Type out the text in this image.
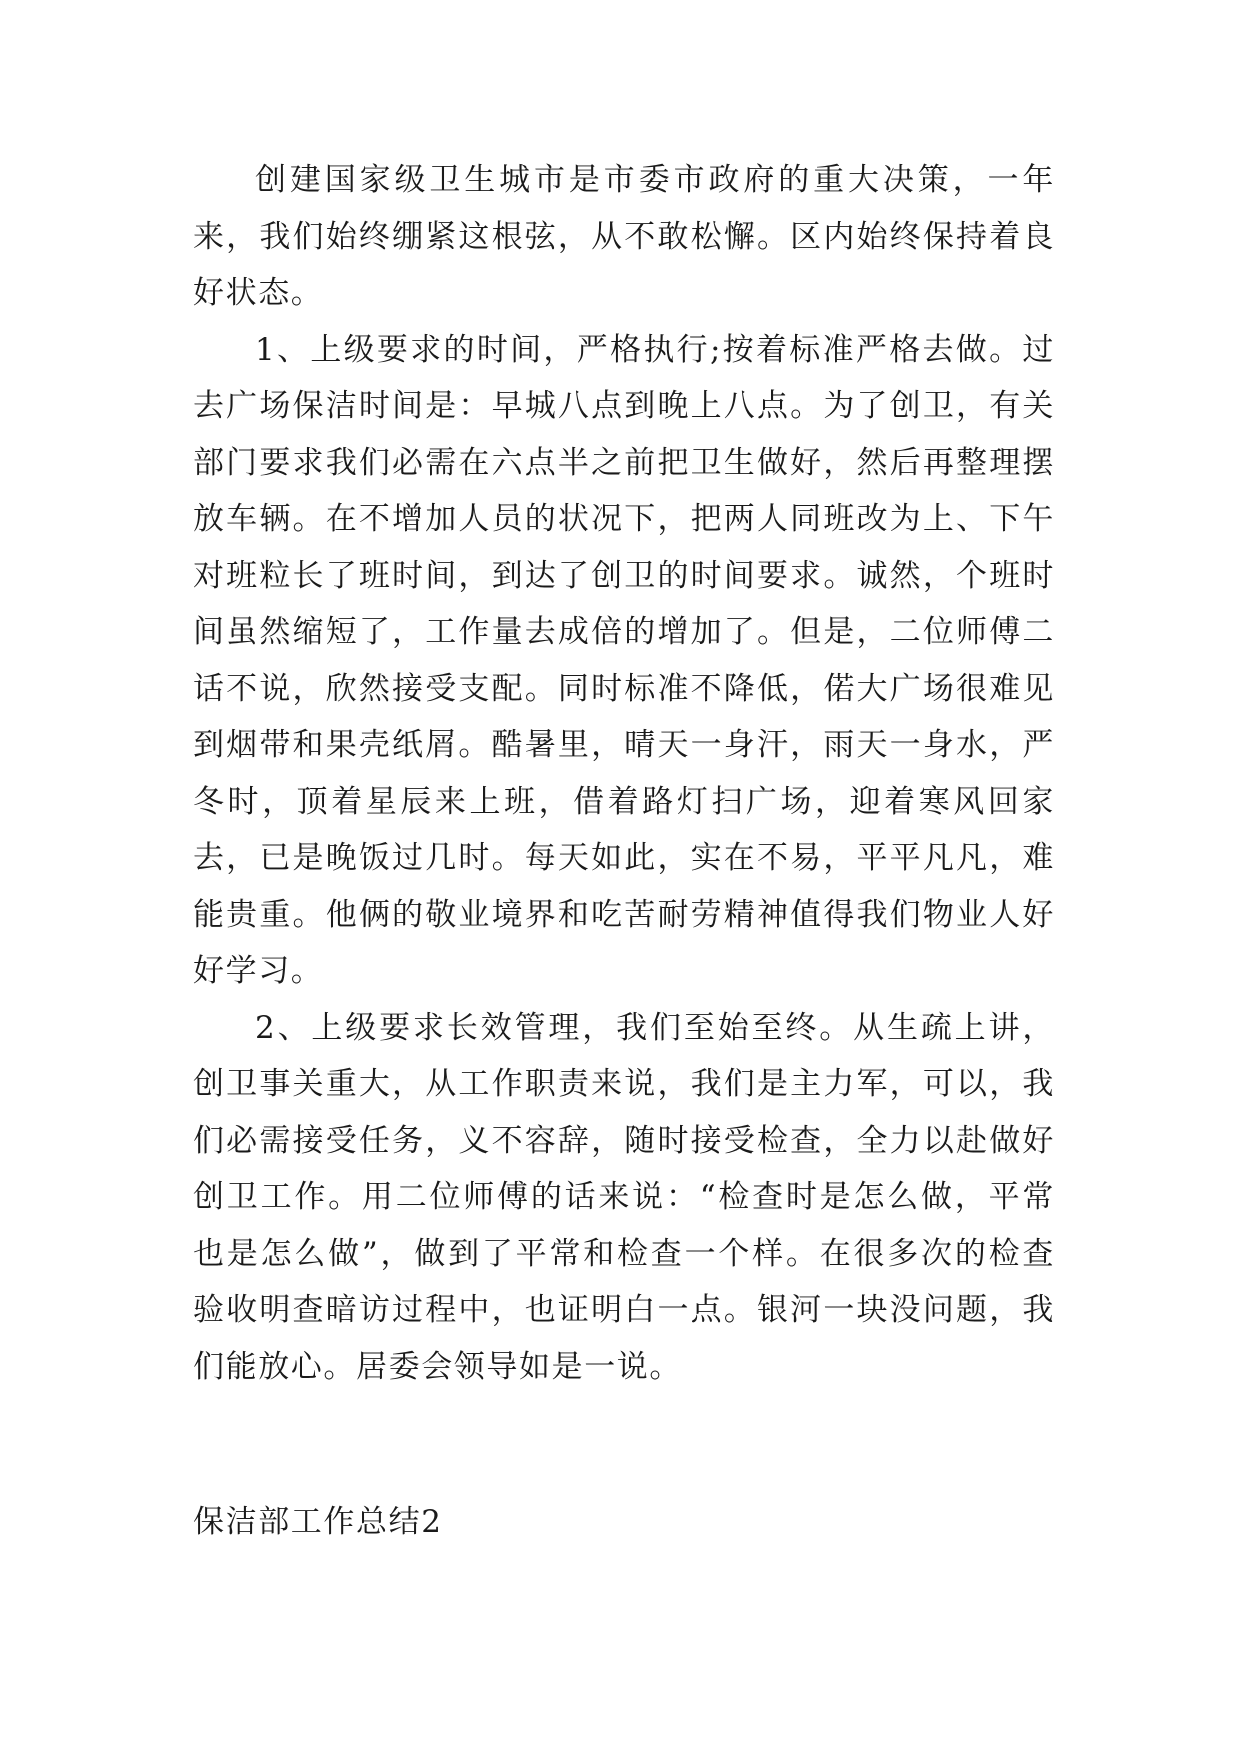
创建国家级卫生城市是市委市政府的重大决策，一年来，我们始终绷紧这根弦，从不敢松懈。区内始终保持着良好状态。

1、上级要求的时间，严格执行;按着标准严格去做。过去广场保洁时间是：早城八点到晚上八点。为了创卫，有关部门要求我们必需在六点半之前把卫生做好，然后再整理摆放车辆。在不增加人员的状况下，把两人同班改为上、下午对班粒长了班时间，到达了创卫的时间要求。诚然，个班时间虽然缩短了，工作量去成倍的增加了。但是，二位师傅二话不说，欣然接受支配。同时标准不降低，偌大广场很难见到烟带和果壳纸屑。酷暑里，晴天一身汗，雨天一身水，严冬时，顶着星辰来上班，借着路灯扫广场，迎着寒风回家去，已是晚饭过几时。每天如此，实在不易，平平凡凡，难能贵重。他俩的敬业境界和吃苦耐劳精神值得我们物业人好好学习。

2、上级要求长效管理，我们至始至终。从生疏上讲，创卫事关重大，从工作职责来说，我们是主力军，可以，我们必需接受任务，义不容辞，随时接受检查，全力以赴做好创卫工作。用二位师傅的话来说：“检查时是怎么做，平常也是怎么做”，做到了平常和检查一个样。在很多次的检查验收明查暗访过程中，也证明白一点。银河一块没问题，我们能放心。居委会领导如是一说。

保洁部工作总结2
